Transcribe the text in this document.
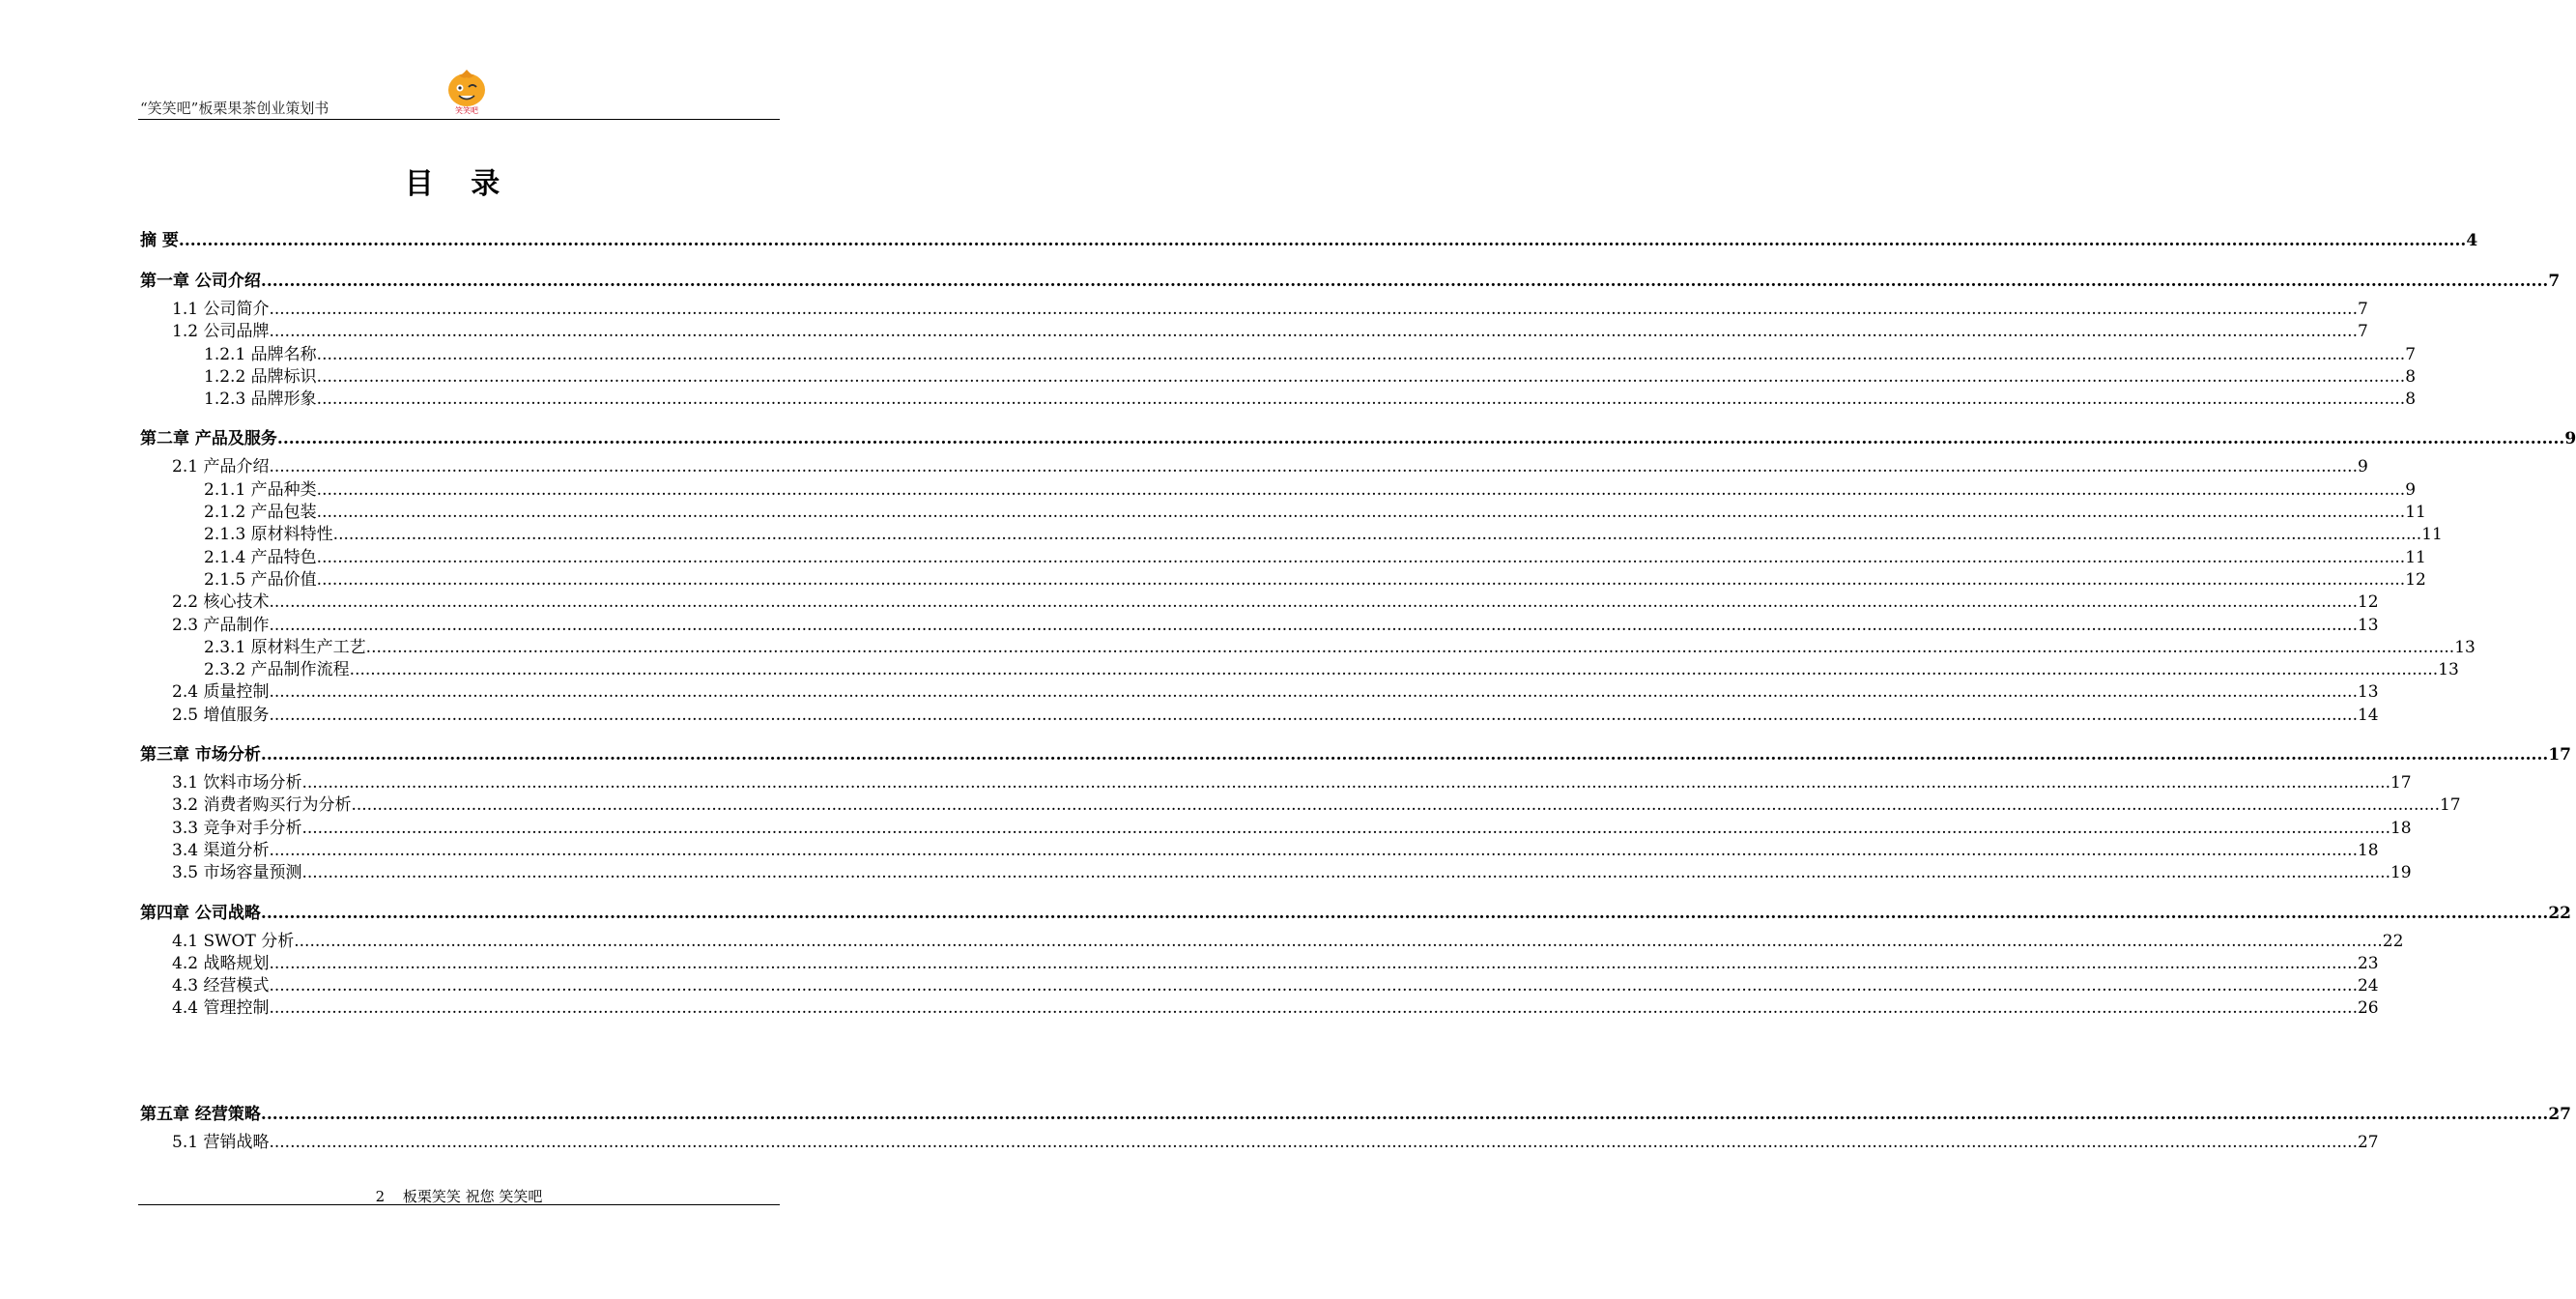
“笑笑吧”板栗果茶创业策划书	笑笑吧
目 录
摘 要 ................................................................................................................................................................................................................................................................................................................................................................................................................ 4
第一章 公司介绍 ................................................................................................................................................................................................................................................................................................................................................................................................................ 7
1.1 公司简介 ................................................................................................................................................................................................................................................................................................................................................................................................................ 7
1.2 公司品牌 ................................................................................................................................................................................................................................................................................................................................................................................................................ 7
1.2.1 品牌名称 ................................................................................................................................................................................................................................................................................................................................................................................................................ 7
1.2.2 品牌标识 ................................................................................................................................................................................................................................................................................................................................................................................................................ 8
1.2.3 品牌形象 ................................................................................................................................................................................................................................................................................................................................................................................................................ 8
第二章 产品及服务 ................................................................................................................................................................................................................................................................................................................................................................................................................ 9
2.1 产品介绍 ................................................................................................................................................................................................................................................................................................................................................................................................................ 9
2.1.1 产品种类 ................................................................................................................................................................................................................................................................................................................................................................................................................ 9
2.1.2 产品包装 ................................................................................................................................................................................................................................................................................................................................................................................................................ 11
2.1.3 原材料特性 ................................................................................................................................................................................................................................................................................................................................................................................................................ 11
2.1.4 产品特色 ................................................................................................................................................................................................................................................................................................................................................................................................................ 11
2.1.5 产品价值 ................................................................................................................................................................................................................................................................................................................................................................................................................ 12
2.2 核心技术 ................................................................................................................................................................................................................................................................................................................................................................................................................ 12
2.3 产品制作 ................................................................................................................................................................................................................................................................................................................................................................................................................ 13
2.3.1 原材料生产工艺 ................................................................................................................................................................................................................................................................................................................................................................................................................ 13
2.3.2 产品制作流程 ................................................................................................................................................................................................................................................................................................................................................................................................................ 13
2.4 质量控制 ................................................................................................................................................................................................................................................................................................................................................................................................................ 13
2.5 增值服务 ................................................................................................................................................................................................................................................................................................................................................................................................................ 14
第三章 市场分析 ................................................................................................................................................................................................................................................................................................................................................................................................................ 17
3.1 饮料市场分析 ................................................................................................................................................................................................................................................................................................................................................................................................................ 17
3.2 消费者购买行为分析 ................................................................................................................................................................................................................................................................................................................................................................................................................ 17
3.3 竞争对手分析 ................................................................................................................................................................................................................................................................................................................................................................................................................ 18
3.4 渠道分析 ................................................................................................................................................................................................................................................................................................................................................................................................................ 18
3.5 市场容量预测 ................................................................................................................................................................................................................................................................................................................................................................................................................ 19
第四章 公司战略 ................................................................................................................................................................................................................................................................................................................................................................................................................ 22
4.1 SWOT 分析 ................................................................................................................................................................................................................................................................................................................................................................................................................ 22
4.2 战略规划 ................................................................................................................................................................................................................................................................................................................................................................................................................ 23
4.3 经营模式 ................................................................................................................................................................................................................................................................................................................................................................................................................ 24
4.4 管理控制 ................................................................................................................................................................................................................................................................................................................................................................................................................ 26
第五章 经营策略 ................................................................................................................................................................................................................................................................................................................................................................................................................ 27
5.1 营销战略 ................................................................................................................................................................................................................................................................................................................................................................................................................ 27
2 板栗笑笑 祝您 笑笑吧
